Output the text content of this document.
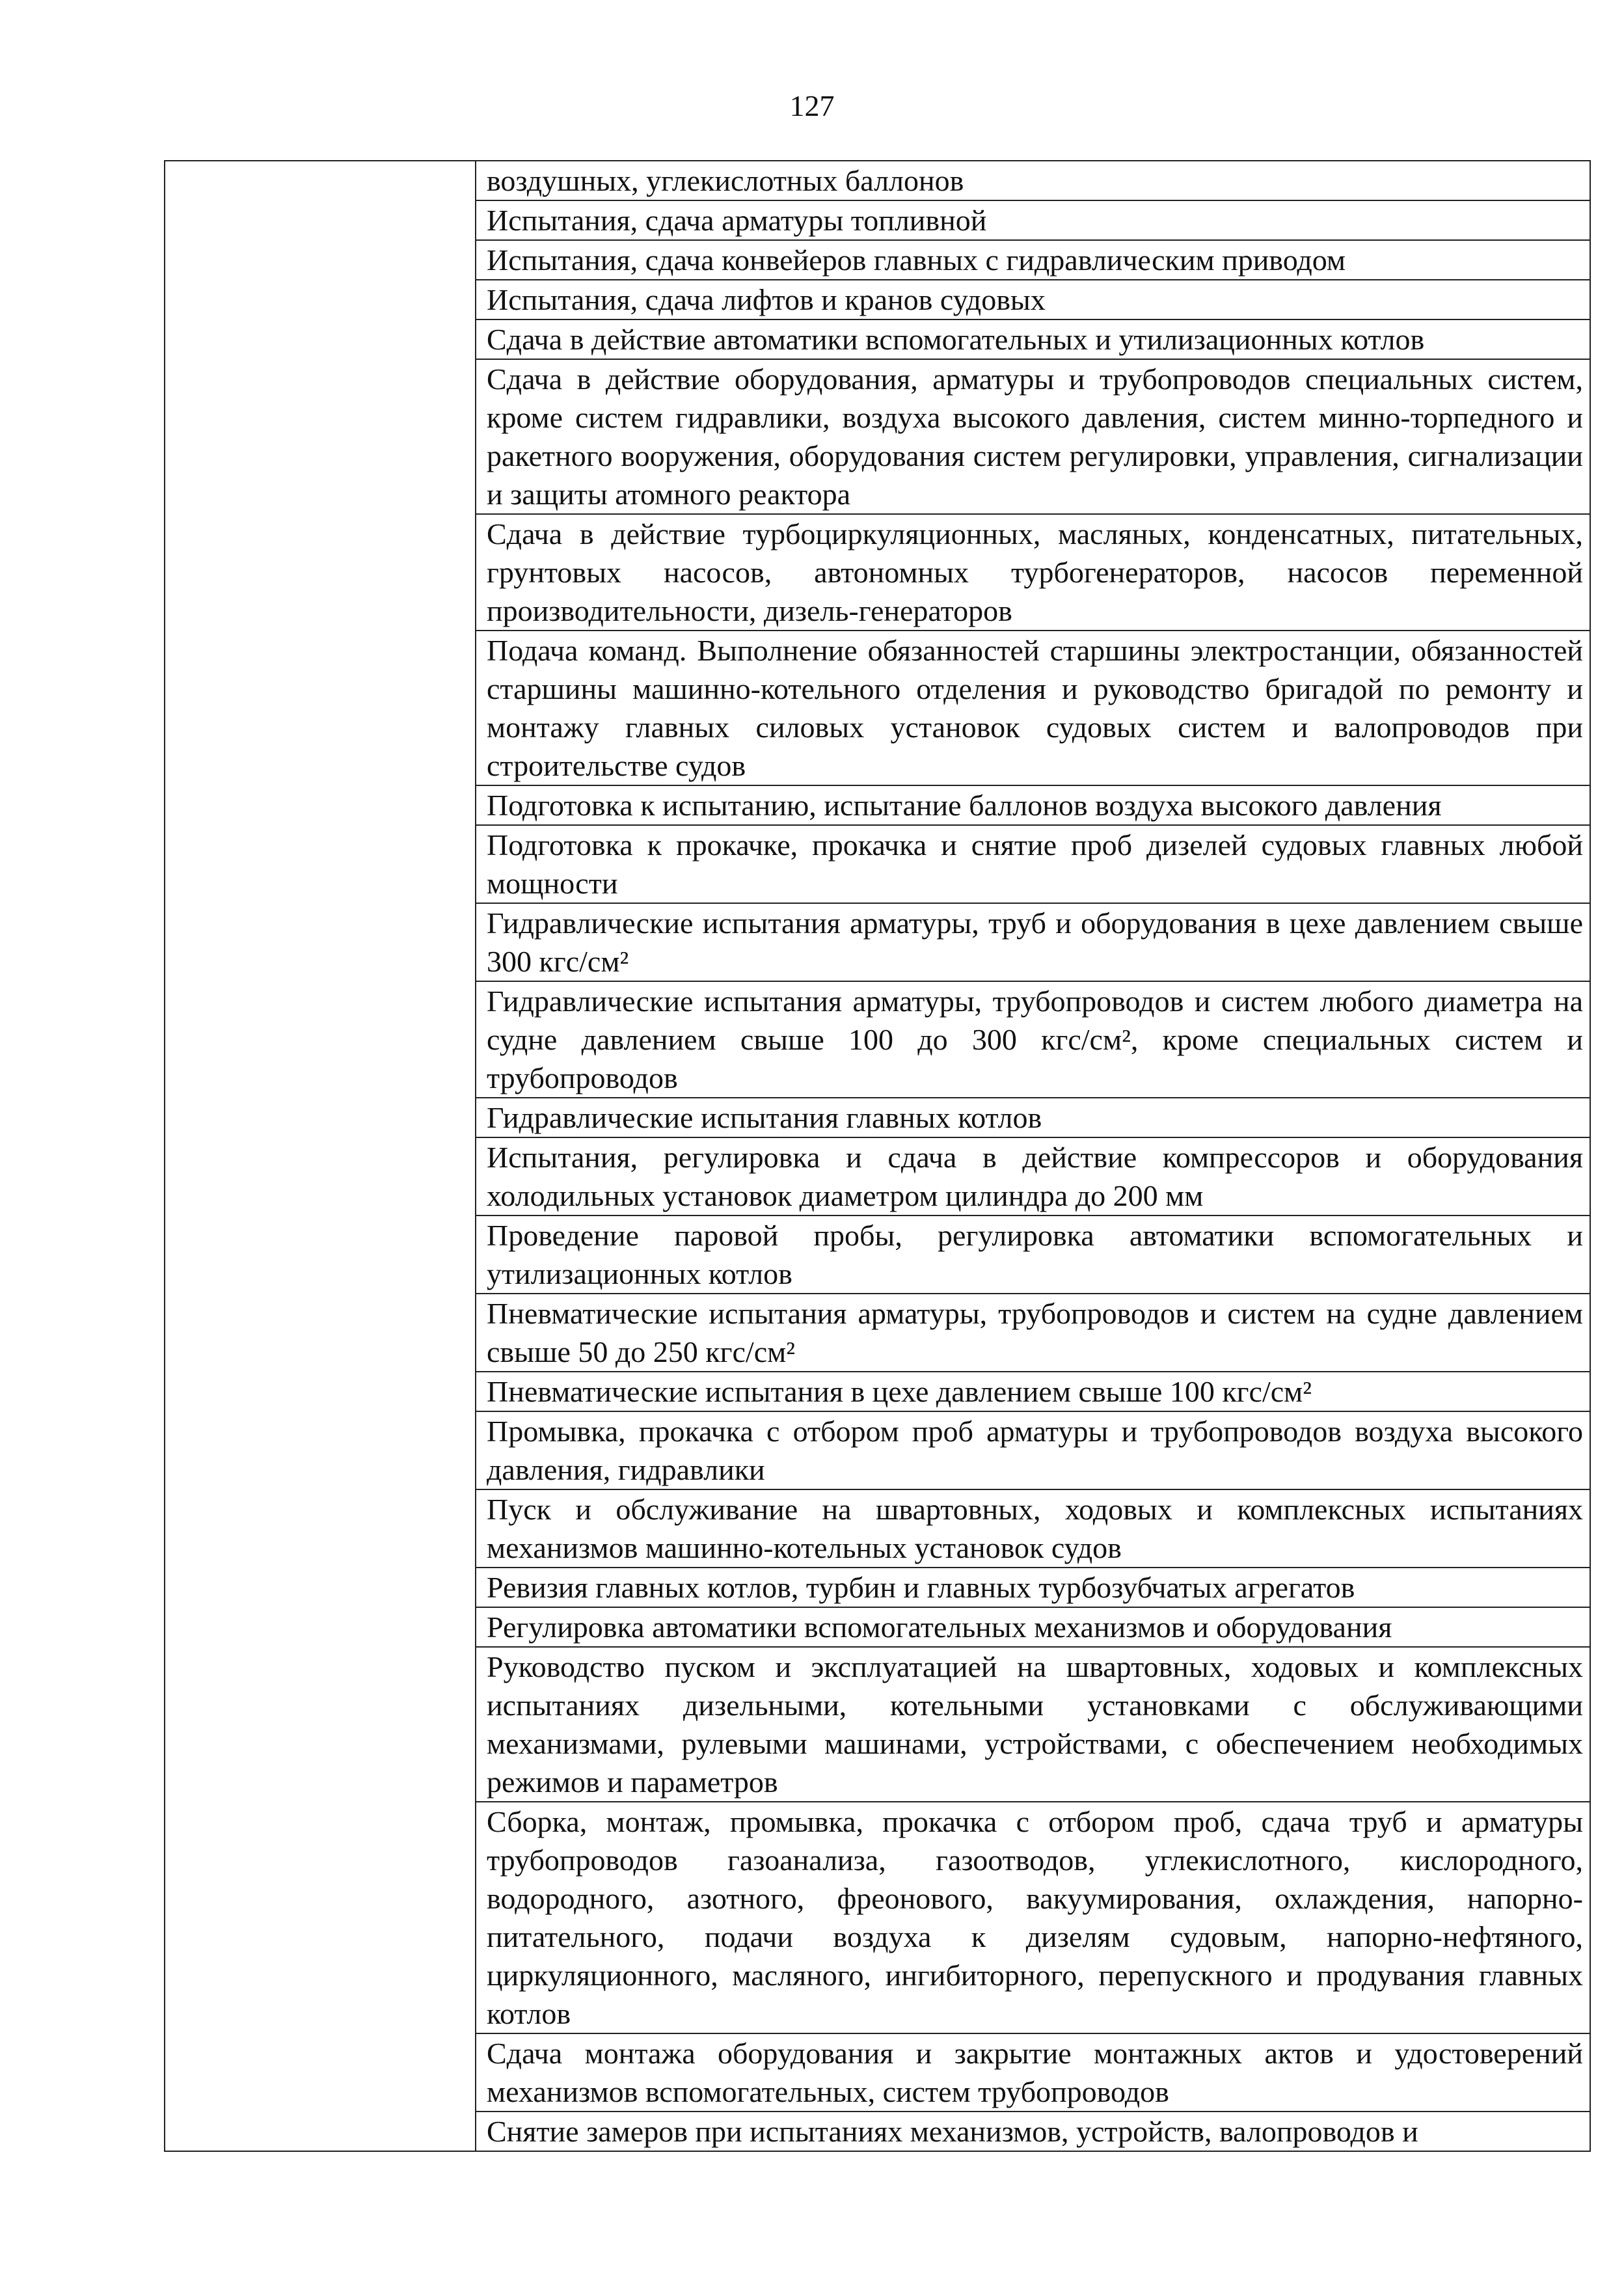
127

воздушных, углекислотных баллонов
Испытания, сдача арматуры топливной
Испытания, сдача конвейеров главных с гидравлическим приводом
Испытания, сдача лифтов и кранов судовых
Сдача в действие автоматики вспомогательных и утилизационных котлов
Сдача в действие оборудования, арматуры и трубопроводов специальных систем, кроме систем гидравлики, воздуха высокого давления, систем минно-торпедного и ракетного вооружения, оборудования систем регулировки, управления, сигнализации и защиты атомного реактора
Сдача в действие турбоциркуляционных, масляных, конденсатных, питательных, грунтовых насосов, автономных турбогенераторов, насосов переменной производительности, дизель-генераторов
Подача команд. Выполнение обязанностей старшины электростанции, обязанностей старшины машинно-котельного отделения и руководство бригадой по ремонту и монтажу главных силовых установок судовых систем и валопроводов при строительстве судов
Подготовка к испытанию, испытание баллонов воздуха высокого давления
Подготовка к прокачке, прокачка и снятие проб дизелей судовых главных любой мощности
Гидравлические испытания арматуры, труб и оборудования в цехе давлением свыше 300 кгс/см²
Гидравлические испытания арматуры, трубопроводов и систем любого диаметра на судне давлением свыше 100 до 300 кгс/см², кроме специальных систем и трубопроводов
Гидравлические испытания главных котлов
Испытания, регулировка и сдача в действие компрессоров и оборудования холодильных установок диаметром цилиндра до 200 мм
Проведение паровой пробы, регулировка автоматики вспомогательных и утилизационных котлов
Пневматические испытания арматуры, трубопроводов и систем на судне давлением свыше 50 до 250 кгс/см²
Пневматические испытания в цехе давлением свыше 100 кгс/см²
Промывка, прокачка с отбором проб арматуры и трубопроводов воздуха высокого давления, гидравлики
Пуск и обслуживание на швартовных, ходовых и комплексных испытаниях механизмов машинно-котельных установок судов
Ревизия главных котлов, турбин и главных турбозубчатых агрегатов
Регулировка автоматики вспомогательных механизмов и оборудования
Руководство пуском и эксплуатацией на швартовных, ходовых и комплексных испытаниях дизельными, котельными установками с обслуживающими механизмами, рулевыми машинами, устройствами, с обеспечением необходимых режимов и параметров
Сборка, монтаж, промывка, прокачка с отбором проб, сдача труб и арматуры трубопроводов газоанализа, газоотводов, углекислотного, кислородного, водородного, азотного, фреонового, вакуумирования, охлаждения, напорно-питательного, подачи воздуха к дизелям судовым, напорно-нефтяного, циркуляционного, масляного, ингибиторного, перепускного и продувания главных котлов
Сдача монтажа оборудования и закрытие монтажных актов и удостоверений механизмов вспомогательных, систем трубопроводов
Снятие замеров при испытаниях механизмов, устройств, валопроводов и
